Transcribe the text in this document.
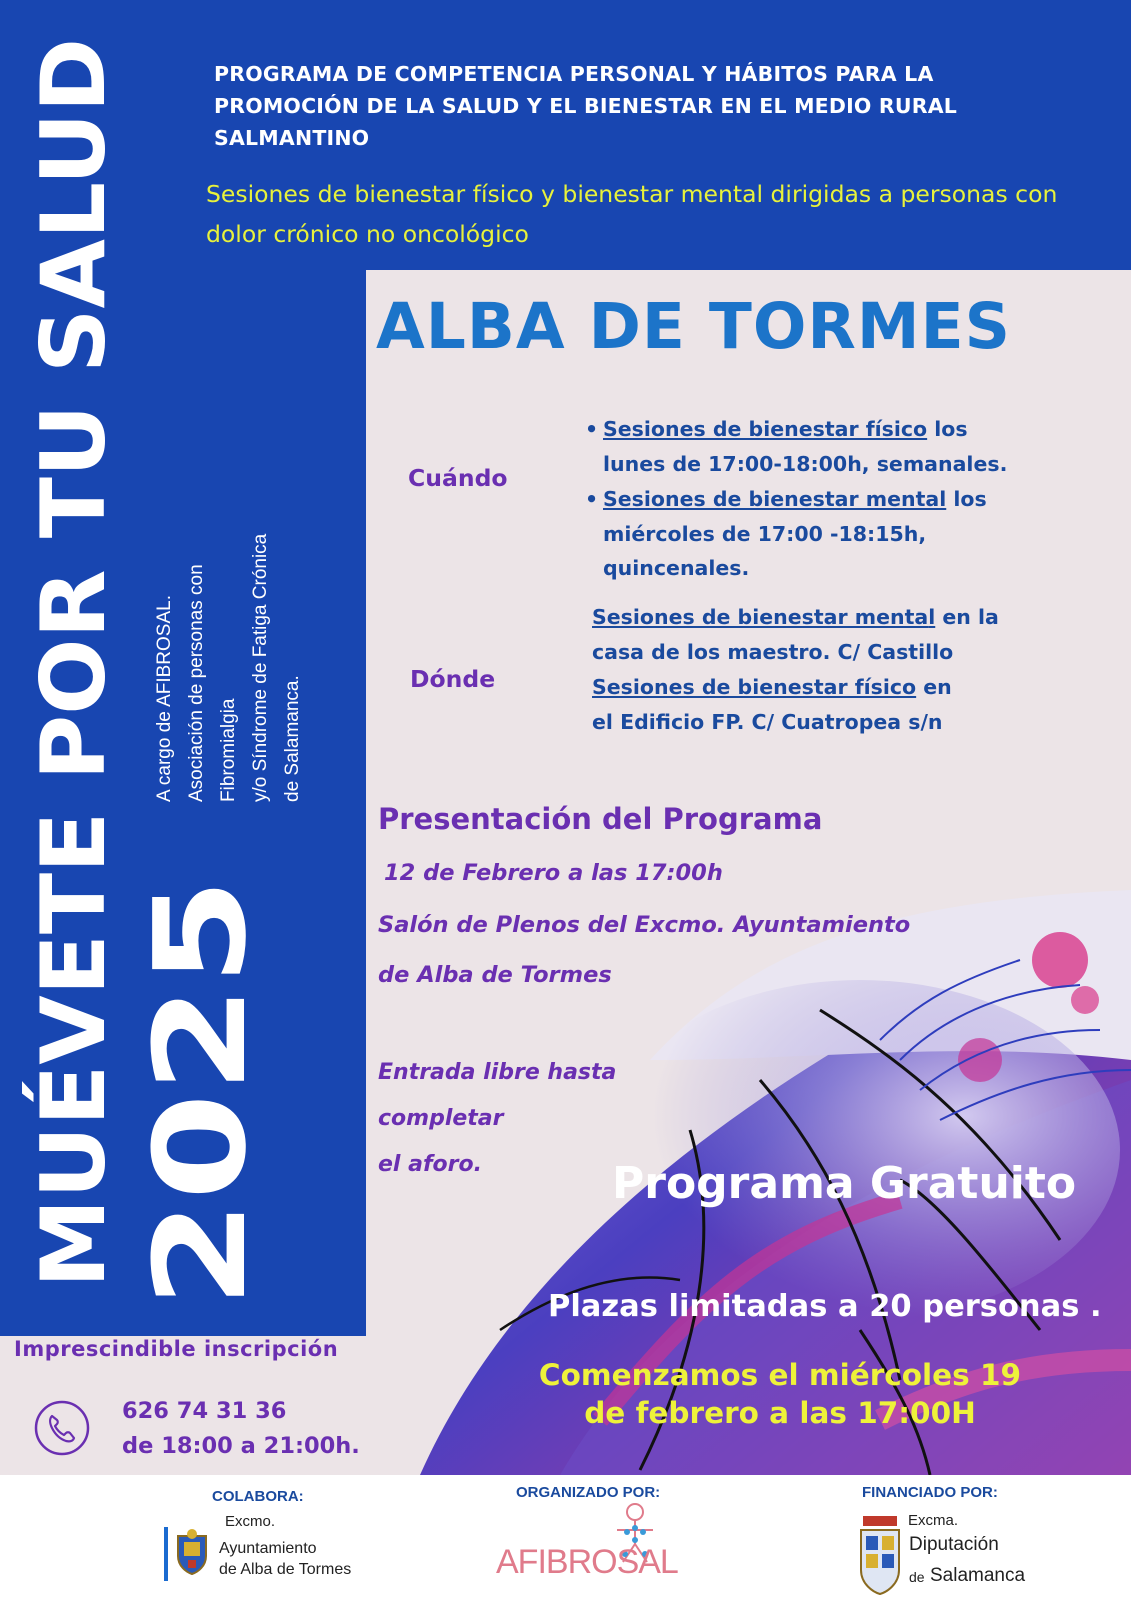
MUÉVETE POR TU SALUD 2025
A cargo de AFIBROSAL. Asociación de personas con Fibromialgia y/o Síndrome de Fatiga Crónica de Salamanca.
PROGRAMA DE COMPETENCIA PERSONAL Y HÁBITOS PARA LA PROMOCIÓN DE LA SALUD Y EL BIENESTAR EN EL MEDIO RURAL SALMANTINO
Sesiones de bienestar físico y bienestar mental dirigidas a personas con dolor crónico no oncológico
ALBA DE TORMES
Cuándo
• Sesiones de bienestar físico los
lunes de 17:00-18:00h, semanales.
• Sesiones de bienestar mental los
miércoles de 17:00 -18:15h,
quincenales.
Dónde
Sesiones de bienestar mental en la
casa de los maestro. C/ Castillo
Sesiones de bienestar físico en
el Edificio FP. C/ Cuatropea s/n
Presentación del Programa
12 de Febrero a las 17:00h
Salón de Plenos del Excmo. Ayuntamiento
de Alba de Tormes
Entrada libre hasta
completar
el aforo.	Programa Gratuito
Plazas limitadas a 20 personas .
Comenzamos el miércoles 19
de febrero a las 17:00H
Imprescindible inscripción
626 74 31 36
de 18:00 a 21:00h.
COLABORA:
Excmo.
Ayuntamiento
de Alba de Tormes
ORGANIZADO POR:
AFIBROSAL
FINANCIADO POR:
Excma.
Diputación
de Salamanca
